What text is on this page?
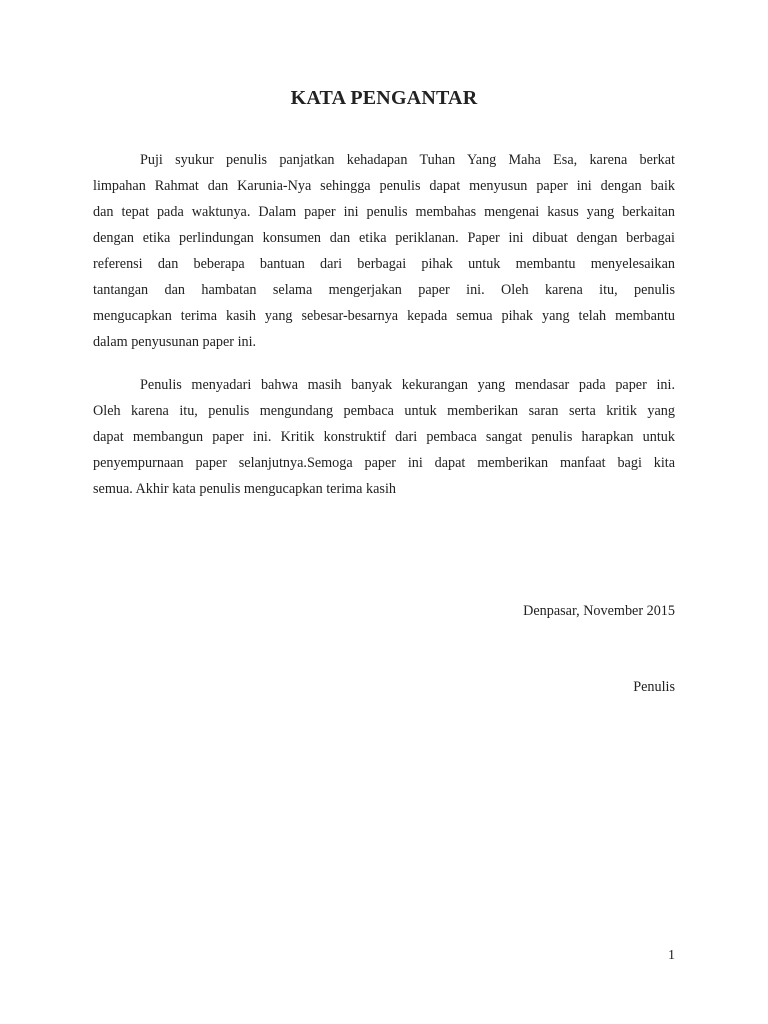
KATA PENGANTAR
Puji syukur penulis panjatkan kehadapan Tuhan Yang Maha Esa, karena berkat
limpahan Rahmat dan Karunia-Nya sehingga penulis dapat menyusun paper ini dengan baik
dan tepat pada waktunya. Dalam paper ini penulis membahas mengenai kasus yang berkaitan
dengan etika perlindungan konsumen dan etika periklanan. Paper ini dibuat dengan berbagai
referensi dan beberapa bantuan dari berbagai pihak untuk membantu menyelesaikan
tantangan dan hambatan selama mengerjakan paper ini. Oleh karena itu, penulis
mengucapkan terima kasih yang sebesar-besarnya kepada semua pihak yang telah membantu
dalam penyusunan paper ini.
Penulis menyadari bahwa masih banyak kekurangan yang mendasar pada paper ini.
Oleh karena itu, penulis mengundang pembaca untuk memberikan saran serta kritik yang
dapat membangun paper ini. Kritik konstruktif dari pembaca sangat penulis harapkan untuk
penyempurnaan paper selanjutnya.Semoga paper ini dapat memberikan manfaat bagi kita
semua. Akhir kata penulis mengucapkan terima kasih
Denpasar, November 2015
Penulis
1
